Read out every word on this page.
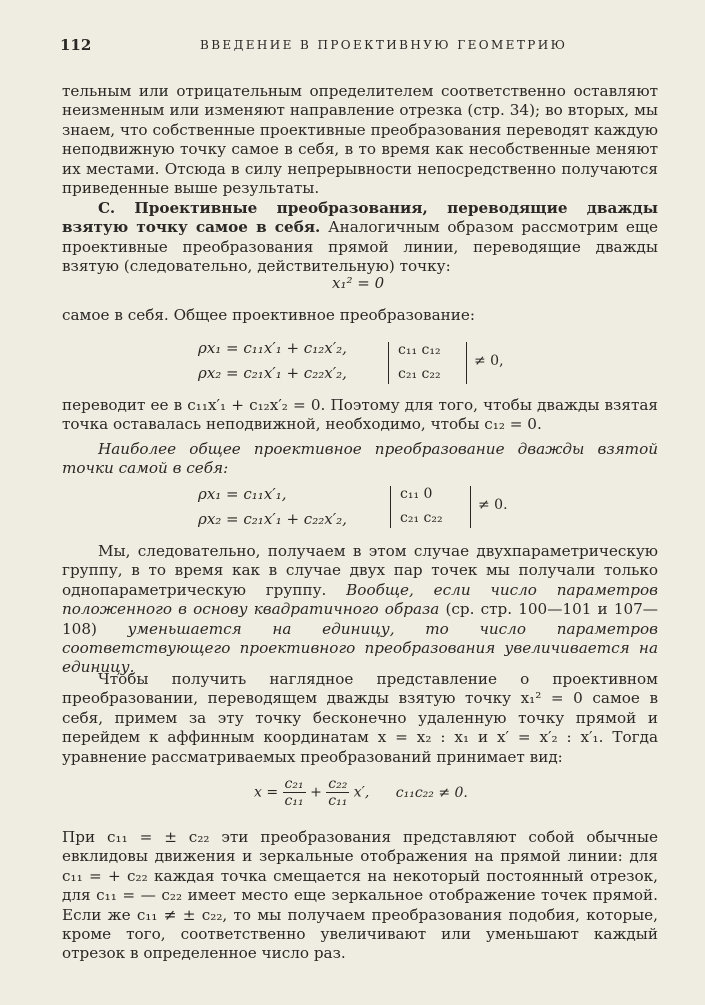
112	ВВЕДЕНИЕ В ПРОЕКТИВНУЮ ГЕОМЕТРИЮ

тельным или отрицательным определителем соответственно оставляют неизменным или изменяют направление отрезка (стр. 34); во вторых, мы знаем, что собственные проективные преобразования переводят каждую неподвижную точку самое в себя, в то время как несобственные меняют их местами. Отсюда в силу непрерывности непосредственно получаются приведенные выше результаты.

C. Проективные преобразования, переводящие дважды взятую точку самое в себя. Аналогичным образом рассмотрим еще проективные преобразования прямой линии, переводящие дважды взятую (следовательно, действительную) точку:

x₁² = 0

самое в себя. Общее проективное преобразование:

ρx₁ = c₁₁x′₁ + c₁₂x′₂,
ρx₂ = c₂₁x′₁ + c₂₂x′₂,
c₁₁ c₁₂
c₂₁ c₂₂
≠ 0,

переводит ее в c₁₁x′₁ + c₁₂x′₂ = 0. Поэтому для того, чтобы дважды взятая точка оставалась неподвижной, необходимо, чтобы c₁₂ = 0.

Наиболее общее проективное преобразование дважды взятой точки самой в себя:

ρx₁ = c₁₁x′₁,
ρx₂ = c₂₁x′₁ + c₂₂x′₂,
c₁₁ 0
c₂₁ c₂₂
≠ 0.

Мы, следовательно, получаем в этом случае двухпараметрическую группу, в то время как в случае двух пар точек мы получали только однопараметрическую группу. Вообще, если число параметров положенного в основу квадратичного образа (ср. стр. 100—101 и 107—108) уменьшается на единицу, то число параметров соответствующего проективного преобразования увеличивается на единицу.

Чтобы получить наглядное представление о проективном преобразовании, переводящем дважды взятую точку x₁² = 0 самое в себя, примем за эту точку бесконечно удаленную точку прямой и перейдем к аффинным координатам x = x₂ : x₁ и x′ = x′₂ : x′₁. Тогда уравнение рассматриваемых преобразований принимает вид:

$x = \frac{\text{c₂₁}}{\text{c₁₁}} + \frac{\text{c₂₂}}{\text{c₁₁}} x'$, c₁₁c₂₂ ≠ 0.

При c₁₁ = ± c₂₂ эти преобразования представляют собой обычные евклидовы движения и зеркальные отображения на прямой линии: для c₁₁ = + c₂₂ каждая точка смещается на некоторый постоянный отрезок, для c₁₁ = — c₂₂ имеет место еще зеркальное отображение точек прямой. Если же c₁₁ ≠ ± c₂₂, то мы получаем преобразования подобия, которые, кроме того, соответственно увеличивают или уменьшают каждый отрезок в определенное число раз.
